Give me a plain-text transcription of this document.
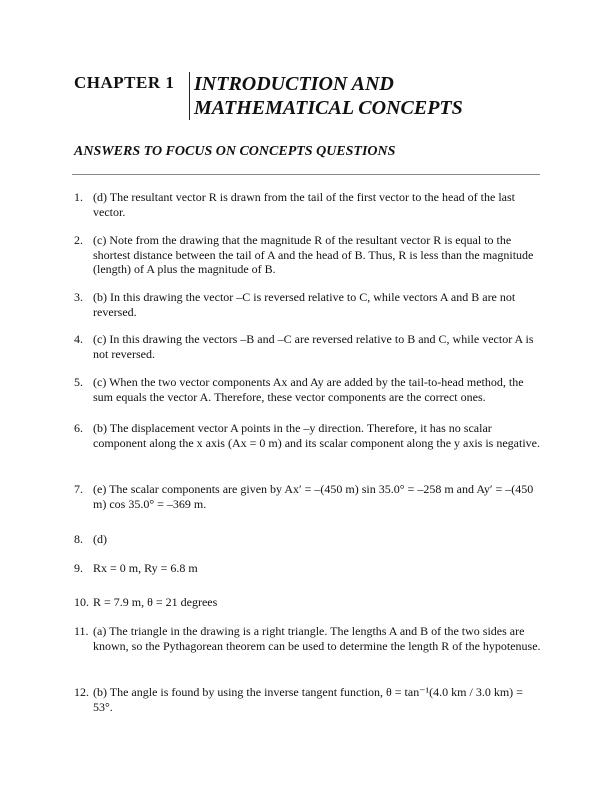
CHAPTER 1 INTRODUCTION AND
MATHEMATICAL CONCEPTS
ANSWERS TO FOCUS ON CONCEPTS QUESTIONS
1. (d) The resultant vector R is drawn from the tail of the first vector to the head of the last vector.
2. (c) Note from the drawing that the magnitude R of the resultant vector R is equal to the shortest distance between the tail of A and the head of B. Thus, R is less than the magnitude (length) of A plus the magnitude of B.
3. (b) In this drawing the vector –C is reversed relative to C, while vectors A and B are not reversed.
4. (c) In this drawing the vectors –B and –C are reversed relative to B and C, while vector A is not reversed.
5. (c) When the two vector components Ax and Ay are added by the tail-to-head method, the sum equals the vector A. Therefore, these vector components are the correct ones.
6. (b) The displacement vector A points in the –y direction. Therefore, it has no scalar component along the x axis (Ax = 0 m) and its scalar component along the y axis is negative.
7. (e) The scalar components are given by Ax′ = –(450 m) sin 35.0° = –258 m and Ay′ = –(450 m) cos 35.0° = –369 m.
8. (d)
9. Rx = 0 m, Ry = 6.8 m
10. R = 7.9 m, θ = 21 degrees
11. (a) The triangle in the drawing is a right triangle. The lengths A and B of the two sides are known, so the Pythagorean theorem can be used to determine the length R of the hypotenuse.
12. (b) The angle is found by using the inverse tangent function, θ = tan⁻¹(4.0 km / 3.0 km) = 53°.
